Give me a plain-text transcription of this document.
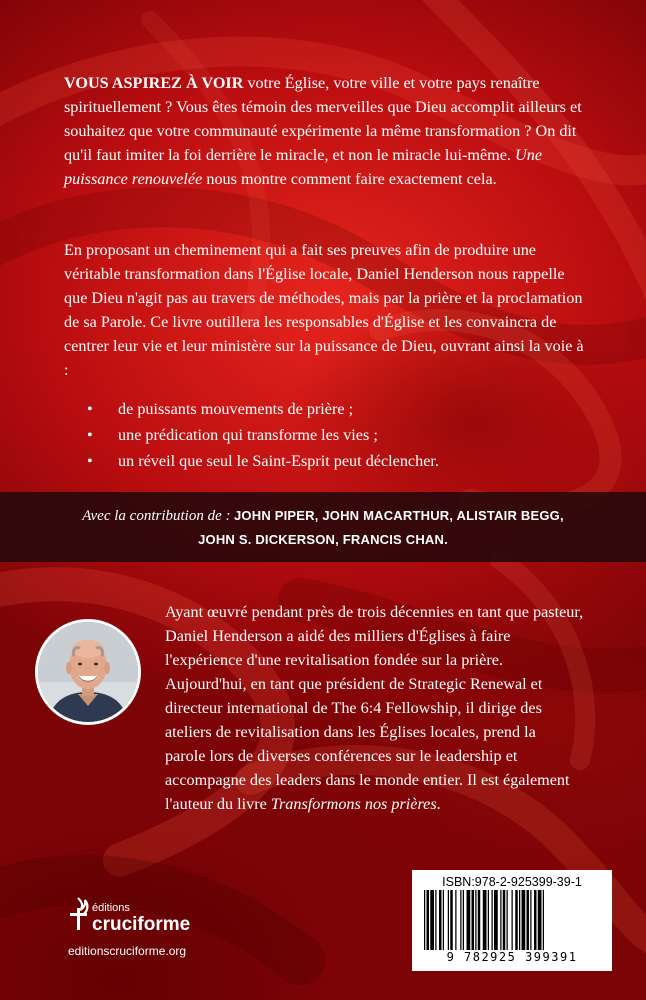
VOUS ASPIREZ À VOIR votre Église, votre ville et votre pays renaître spirituellement ? Vous êtes témoin des merveilles que Dieu accomplit ailleurs et souhaitez que votre communauté expérimente la même transformation ? On dit qu'il faut imiter la foi derrière le miracle, et non le miracle lui-même. Une puissance renouvelée nous montre comment faire exactement cela.
En proposant un cheminement qui a fait ses preuves afin de produire une véritable transformation dans l'Église locale, Daniel Henderson nous rappelle que Dieu n'agit pas au travers de méthodes, mais par la prière et la proclamation de sa Parole. Ce livre outillera les responsables d'Église et les convaincra de centrer leur vie et leur ministère sur la puissance de Dieu, ouvrant ainsi la voie à :
• de puissants mouvements de prière ;
• une prédication qui transforme les vies ;
• un réveil que seul le Saint-Esprit peut déclencher.
Avec la contribution de : JOHN PIPER, JOHN MACARTHUR, ALISTAIR BEGG,
JOHN S. DICKERSON, FRANCIS CHAN.
Ayant œuvré pendant près de trois décennies en tant que pasteur,
Daniel Henderson a aidé des milliers d'Églises à faire
l'expérience d'une revitalisation fondée sur la prière.
Aujourd'hui, en tant que président de Strategic Renewal et
directeur international de The 6:4 Fellowship, il dirige des
ateliers de revitalisation dans les Églises locales, prend la
parole lors de diverses conférences sur le leadership et
accompagne des leaders dans le monde entier. Il est également
l'auteur du livre Transformons nos prières.
éditions
cruciforme
editionscruciforme.org
ISBN:978-2-925399-39-1
9 782925 399391
